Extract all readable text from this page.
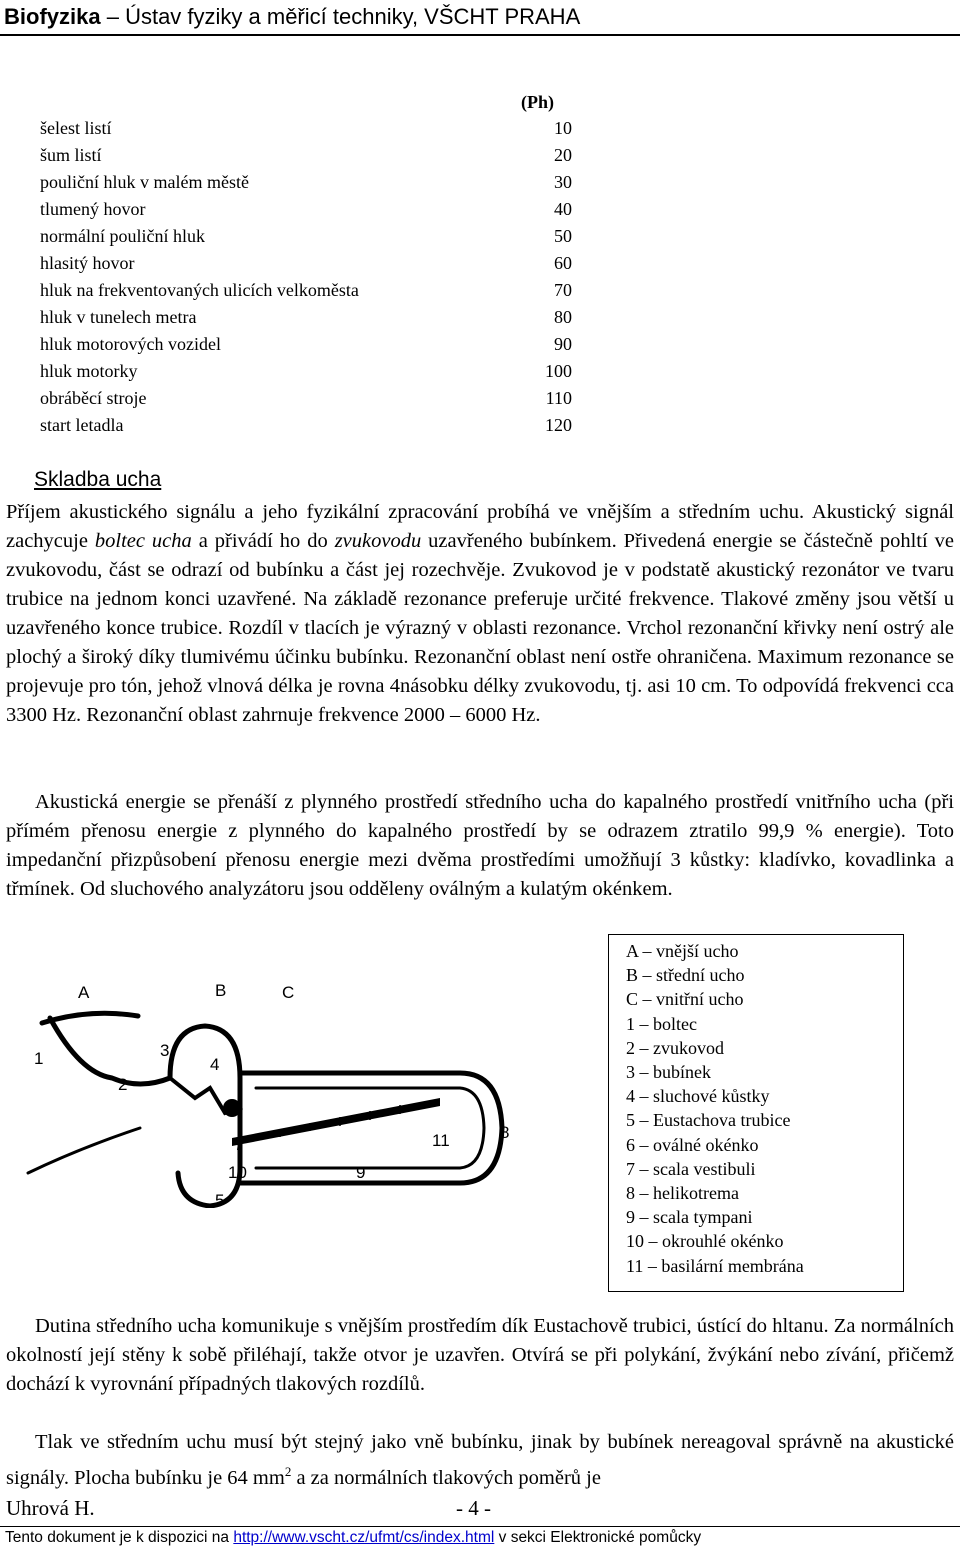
Biofyzika – Ústav fyziky a měřicí techniky, VŠCHT PRAHA
(Ph)
šelest listí	10
šum listí	20
pouliční hluk v malém městě	30
tlumený hovor	40
normální pouliční hluk	50
hlasitý hovor	60
hluk na frekventovaných ulicích velkoměsta	70
hluk v tunelech metra	80
hluk motorových vozidel	90
hluk motorky	100
obráběcí stroje	110
start letadla	120
Skladba ucha

Příjem akustického signálu a jeho fyzikální zpracování probíhá ve vnějším a středním uchu. Akustický signál zachycuje boltec ucha a přivádí ho do zvukovodu uzavřeného bubínkem. Přivedená energie se částečně pohltí ve zvukovodu, část se odrazí od bubínku a část jej rozechvěje. Zvukovod je v podstatě akustický rezonátor ve tvaru trubice na jednom konci uzavřené. Na základě rezonance preferuje určité frekvence. Tlakové změny jsou větší u uzavřeného konce trubice. Rozdíl v tlacích je výrazný v oblasti rezonance. Vrchol rezonanční křivky není ostrý ale plochý a široký díky tlumivému účinku bubínku. Rezonanční oblast není ostře ohraničena. Maximum rezonance se projevuje pro tón, jehož vlnová délka je rovna 4násobku délky zvukovodu, tj. asi 10 cm. To odpovídá frekvenci cca 3300 Hz. Rezonanční oblast zahrnuje frekvence 2000 – 6000 Hz.

Akustická energie se přenáší z plynného prostředí středního ucha do kapalného prostředí vnitřního ucha (při přímém přenosu energie z plynného do kapalného prostředí by se odrazem ztratilo 99,9 % energie). Toto impedanční přizpůsobení přenosu energie mezi dvěma prostředími umožňují 3 kůstky: kladívko, kovadlinka a třmínek. Od sluchového analyzátoru jsou odděleny oválným a kulatým okénkem.

A	B	C
1
2
3
4
5
6
7
8
9
10
11
A – vnější ucho
B – střední ucho
C – vnitřní ucho
1 – boltec
2 – zvukovod
3 – bubínek
4 – sluchové kůstky
5 – Eustachova trubice
6 – oválné okénko
7 – scala vestibuli
8 – helikotrema
9 – scala tympani
10 – okrouhlé okénko
11 – basilární membrána

Dutina středního ucha komunikuje s vnějším prostředím dík Eustachově trubici, ústící do hltanu. Za normálních okolností její stěny k sobě přiléhají, takže otvor je uzavřen. Otvírá se při polykání, žvýkání nebo zívání, přičemž dochází k vyrovnání případných tlakových rozdílů.

Tlak ve středním uchu musí být stejný jako vně bubínku, jinak by bubínek nereagoval správně na akustické signály. Plocha bubínku je 64 $mm^2$ a za normálních tlakových poměrů je

Uhrová H.	- 4 -
Tento dokument je k dispozici na http://www.vscht.cz/ufmt/cs/index.html v sekci Elektronické pomůcky
